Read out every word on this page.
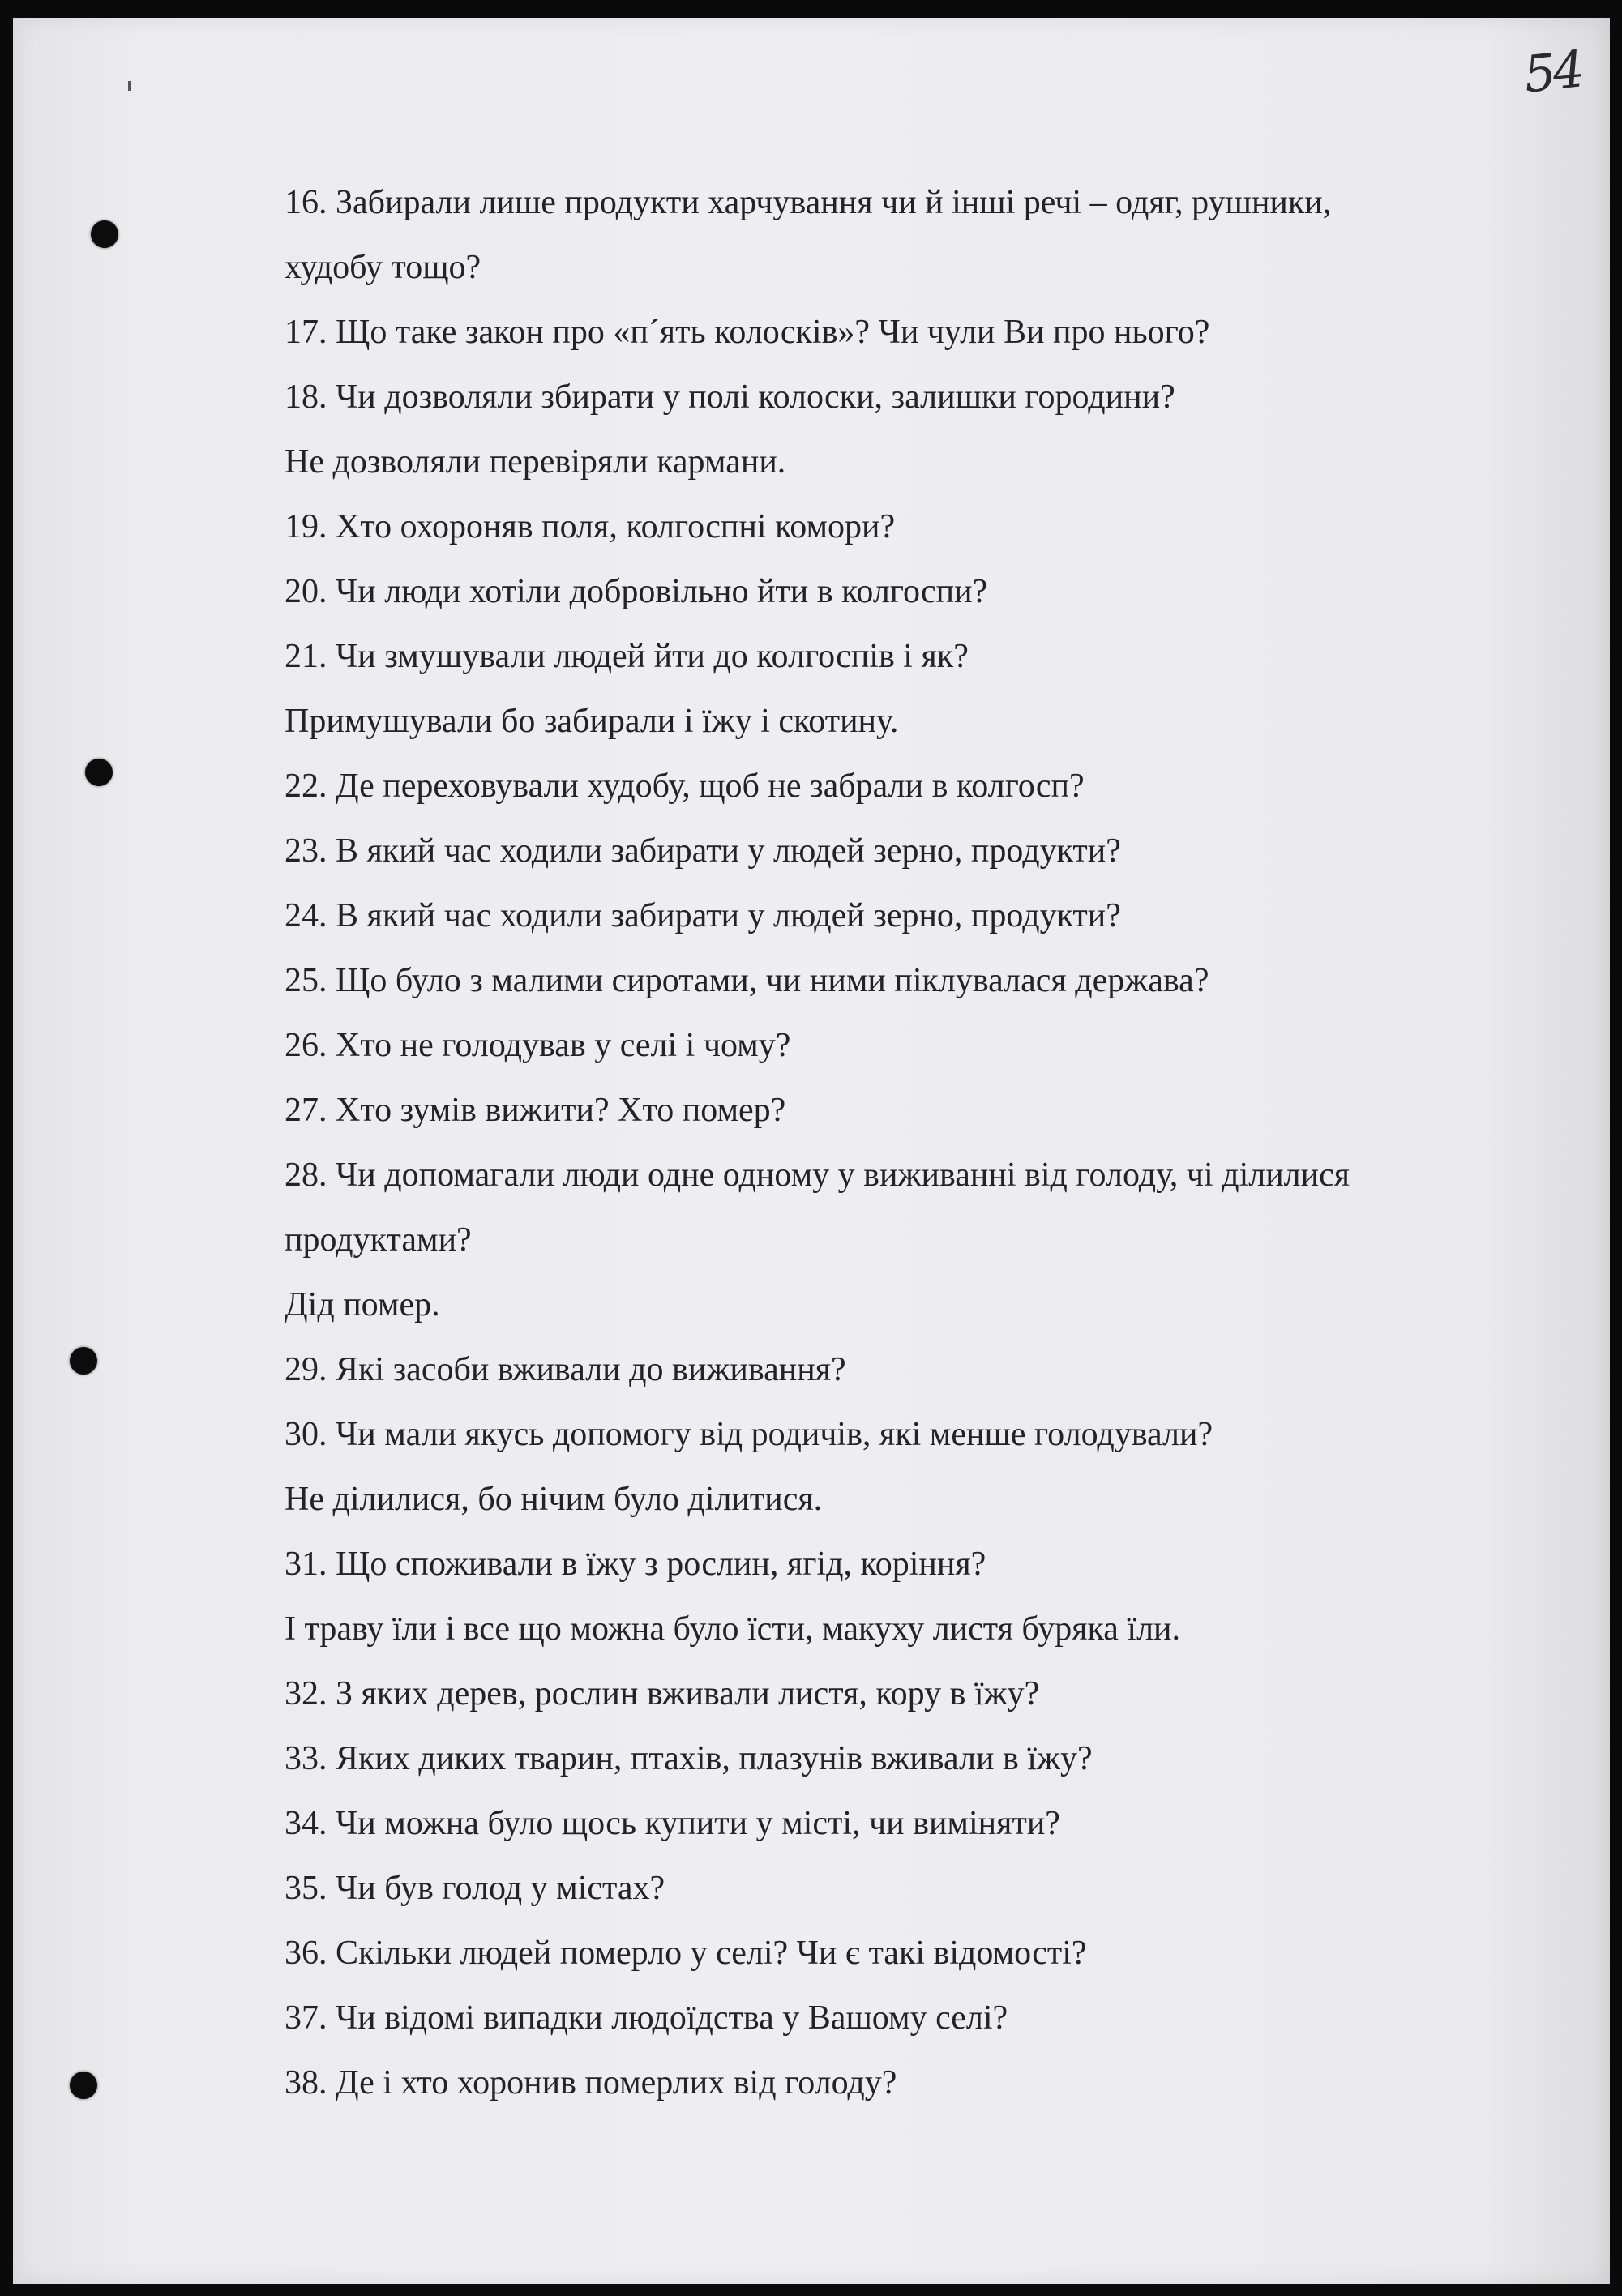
54
16. Забирали лише продукти харчування чи й інші речі – одяг, рушники,
худобу тощо?
17. Що таке закон про «п´ять колосків»? Чи чули Ви про нього?
18. Чи дозволяли збирати у полі колоски, залишки городини?
Не дозволяли перевіряли кармани.
19. Хто охороняв поля, колгоспні комори?
20. Чи люди хотіли добровільно йти в колгоспи?
21. Чи змушували людей йти до колгоспів і як?
Примушували бо забирали і їжу і скотину.
22. Де переховували худобу, щоб не забрали в колгосп?
23. В який час ходили забирати у людей зерно, продукти?
24. В який час ходили забирати у людей зерно, продукти?
25. Що було з малими сиротами, чи ними піклувалася держава?
26. Хто не голодував у селі і чому?
27. Хто зумів вижити? Хто помер?
28. Чи допомагали люди одне одному у виживанні від голоду, чі ділилися
продуктами?
Дід помер.
29. Які засоби вживали до виживання?
30. Чи мали якусь допомогу від родичів, які менше голодували?
Не ділилися, бо нічим було ділитися.
31. Що споживали в їжу з рослин, ягід, коріння?
І траву їли і все що можна було їсти, макуху листя буряка їли.
32. З яких дерев, рослин вживали листя, кору в їжу?
33. Яких диких тварин, птахів, плазунів вживали в їжу?
34. Чи можна було щось купити у місті, чи виміняти?
35. Чи був голод у містах?
36. Скільки людей померло у селі? Чи є такі відомості?
37. Чи відомі випадки людоїдства у Вашому селі?
38. Де і хто хоронив померлих від голоду?
